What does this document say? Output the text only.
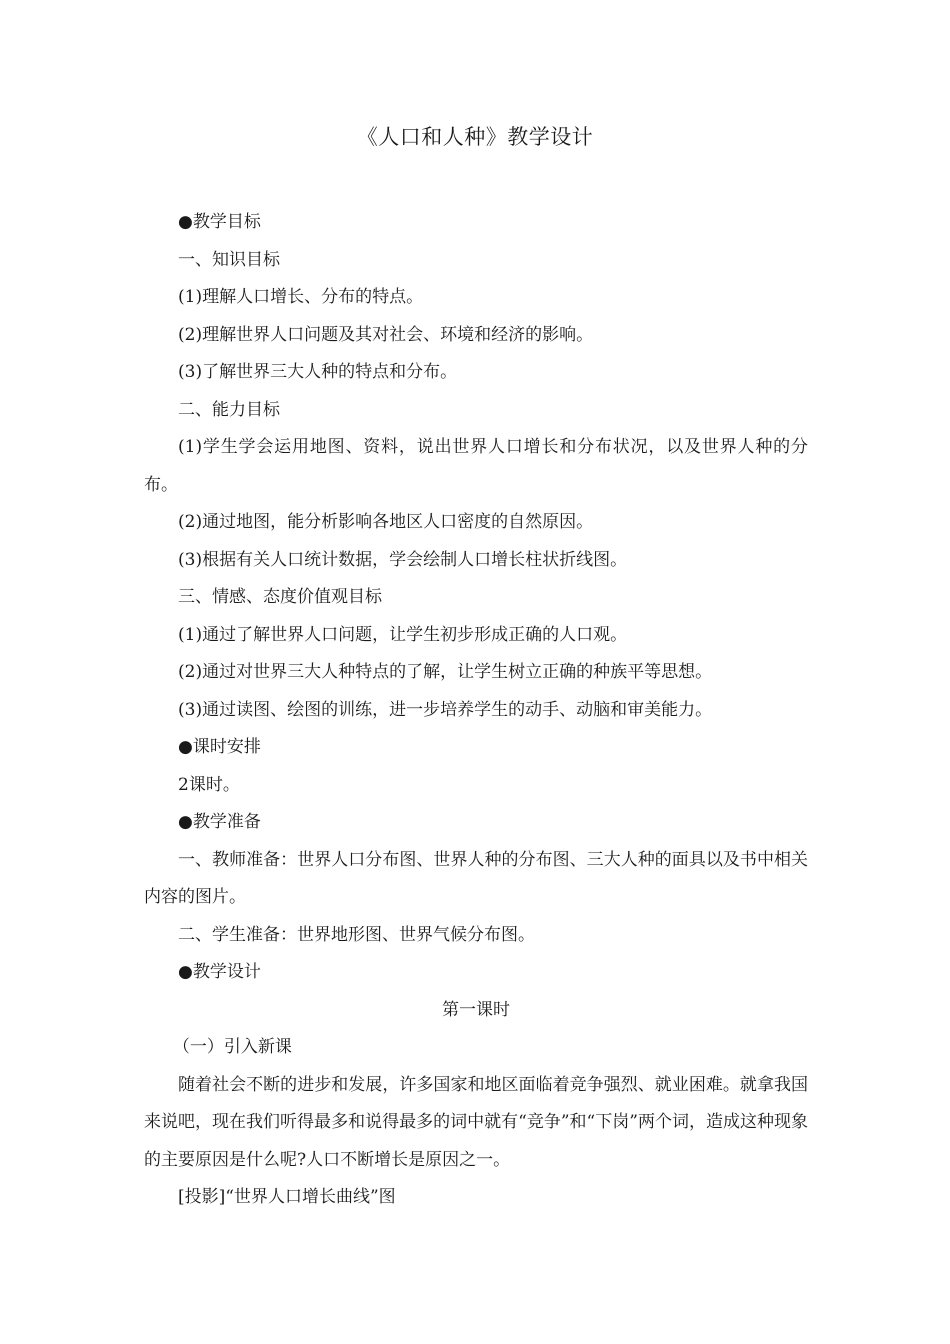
《人口和人种》教学设计

●教学目标

一、知识目标

(1)理解人口增长、分布的特点。

(2)理解世界人口问题及其对社会、环境和经济的影响。

(3)了解世界三大人种的特点和分布。

二、能力目标

(1)学生学会运用地图、资料，说出世界人口增长和分布状况，以及世界人种的分布。

(2)通过地图，能分析影响各地区人口密度的自然原因。

(3)根据有关人口统计数据，学会绘制人口增长柱状折线图。

三、情感、态度价值观目标

(1)通过了解世界人口问题，让学生初步形成正确的人口观。

(2)通过对世界三大人种特点的了解，让学生树立正确的种族平等思想。

(3)通过读图、绘图的训练，进一步培养学生的动手、动脑和审美能力。

●课时安排

2课时。

●教学准备

一、教师准备：世界人口分布图、世界人种的分布图、三大人种的面具以及书中相关内容的图片。

二、学生准备：世界地形图、世界气候分布图。

●教学设计

第一课时

（一）引入新课

随着社会不断的进步和发展，许多国家和地区面临着竞争强烈、就业困难。就拿我国来说吧，现在我们听得最多和说得最多的词中就有“竞争”和“下岗”两个词，造成这种现象的主要原因是什么呢?人口不断增长是原因之一。

[投影]“世界人口增长曲线”图
